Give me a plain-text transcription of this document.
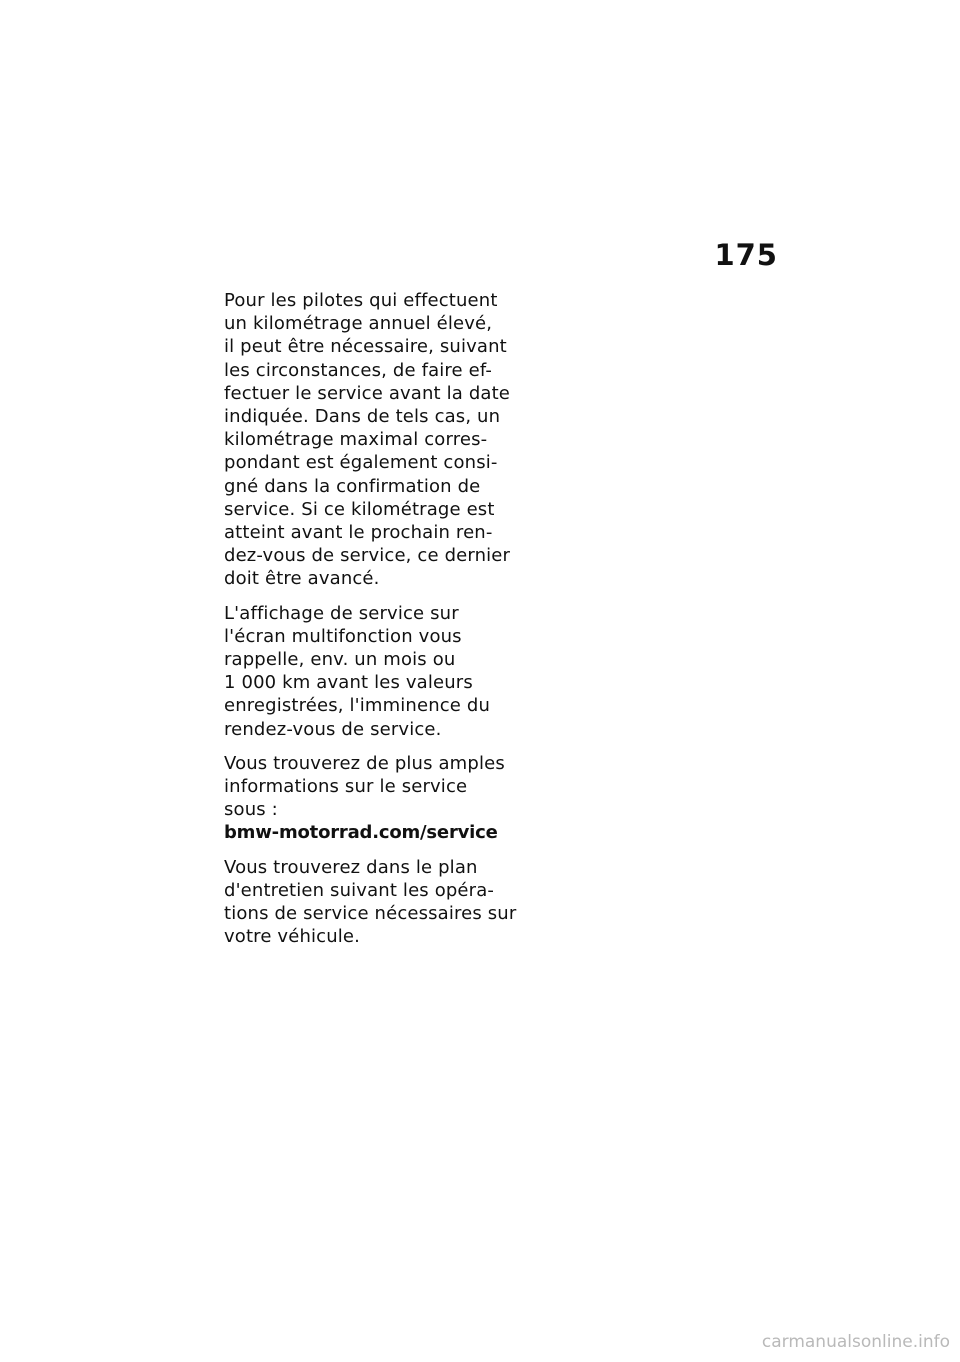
175

Pour les pilotes qui effectuent
un kilométrage annuel élevé,
il peut être nécessaire, suivant
les circonstances, de faire ef-
fectuer le service avant la date
indiquée. Dans de tels cas, un
kilométrage maximal corres-
pondant est également consi-
gné dans la confirmation de
service. Si ce kilométrage est
atteint avant le prochain ren-
dez-vous de service, ce dernier
doit être avancé.

L'affichage de service sur
l'écran multifonction vous
rappelle, env. un mois ou
1 000 km avant les valeurs
enregistrées, l'imminence du
rendez-vous de service.

Vous trouverez de plus amples
informations sur le service
sous :
bmw-motorrad.com/service

Vous trouverez dans le plan
d'entretien suivant les opéra-
tions de service nécessaires sur
votre véhicule.

carmanualsonline.info
